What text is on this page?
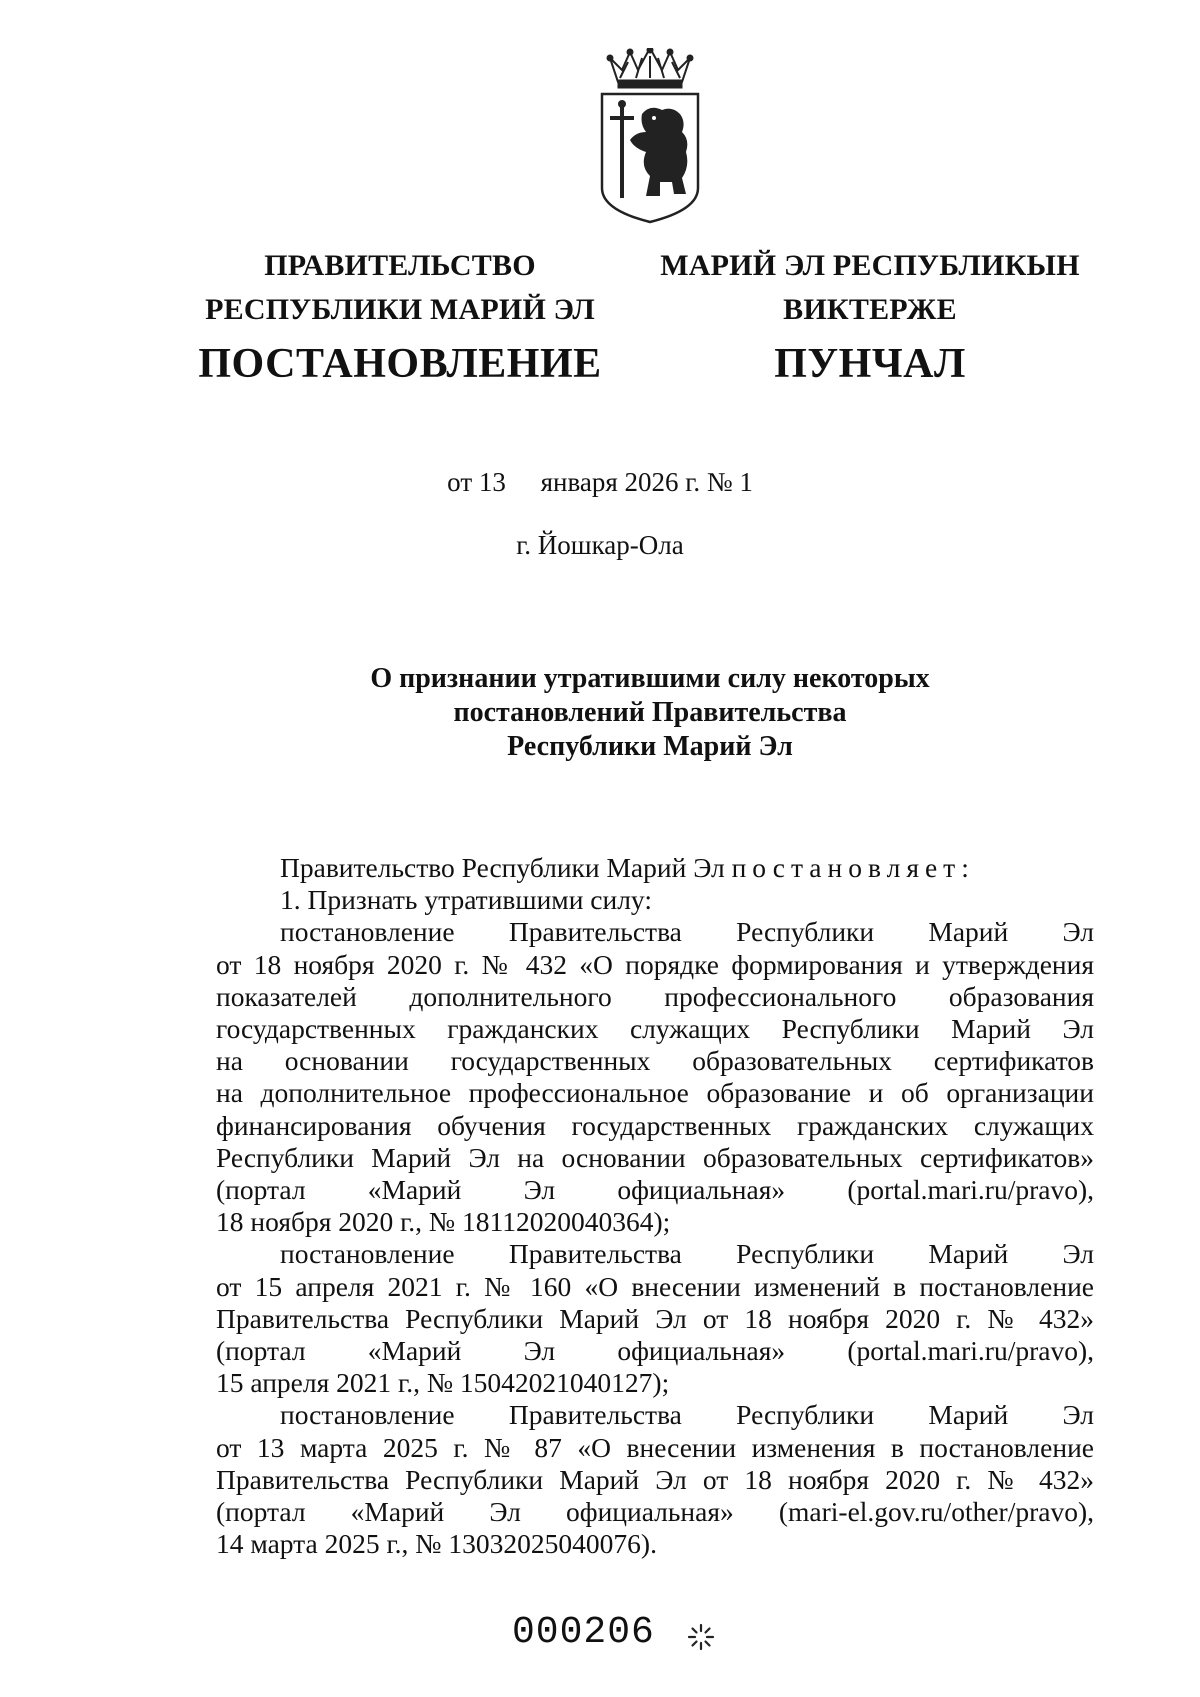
ПРАВИТЕЛЬСТВО
РЕСПУБЛИКИ МАРИЙ ЭЛ
ПОСТАНОВЛЕНИЕ
МАРИЙ ЭЛ РЕСПУБЛИКЫН
ВИКТЕРЖЕ
ПУНЧАЛ
от 13 января 2026 г. № 1
г. Йошкар-Ола
О признании утратившими силу некоторых
постановлений Правительства
Республики Марий Эл

Правительство Республики Марий Эл постановляет:

1. Признать утратившими силу:

постановление Правительства Республики Марий Эл

от 18 ноября 2020 г. № 432 «О порядке формирования и утверждения

показателей дополнительного профессионального образования

государственных гражданских служащих Республики Марий Эл

на основании государственных образовательных сертификатов

на дополнительное профессиональное образование и об организации

финансирования обучения государственных гражданских служащих

Республики Марий Эл на основании образовательных сертификатов»

(портал «Марий Эл официальная» (portal.mari.ru/pravo),

18 ноября 2020 г., № 18112020040364);

постановление Правительства Республики Марий Эл

от 15 апреля 2021 г. № 160 «О внесении изменений в постановление

Правительства Республики Марий Эл от 18 ноября 2020 г. № 432»

(портал «Марий Эл официальная» (portal.mari.ru/pravo),

15 апреля 2021 г., № 15042021040127);

постановление Правительства Республики Марий Эл

от 13 марта 2025 г. № 87 «О внесении изменения в постановление

Правительства Республики Марий Эл от 18 ноября 2020 г. № 432»

(портал «Марий Эл официальная» (mari-el.gov.ru/other/pravo),

14 марта 2025 г., № 13032025040076).

000206
